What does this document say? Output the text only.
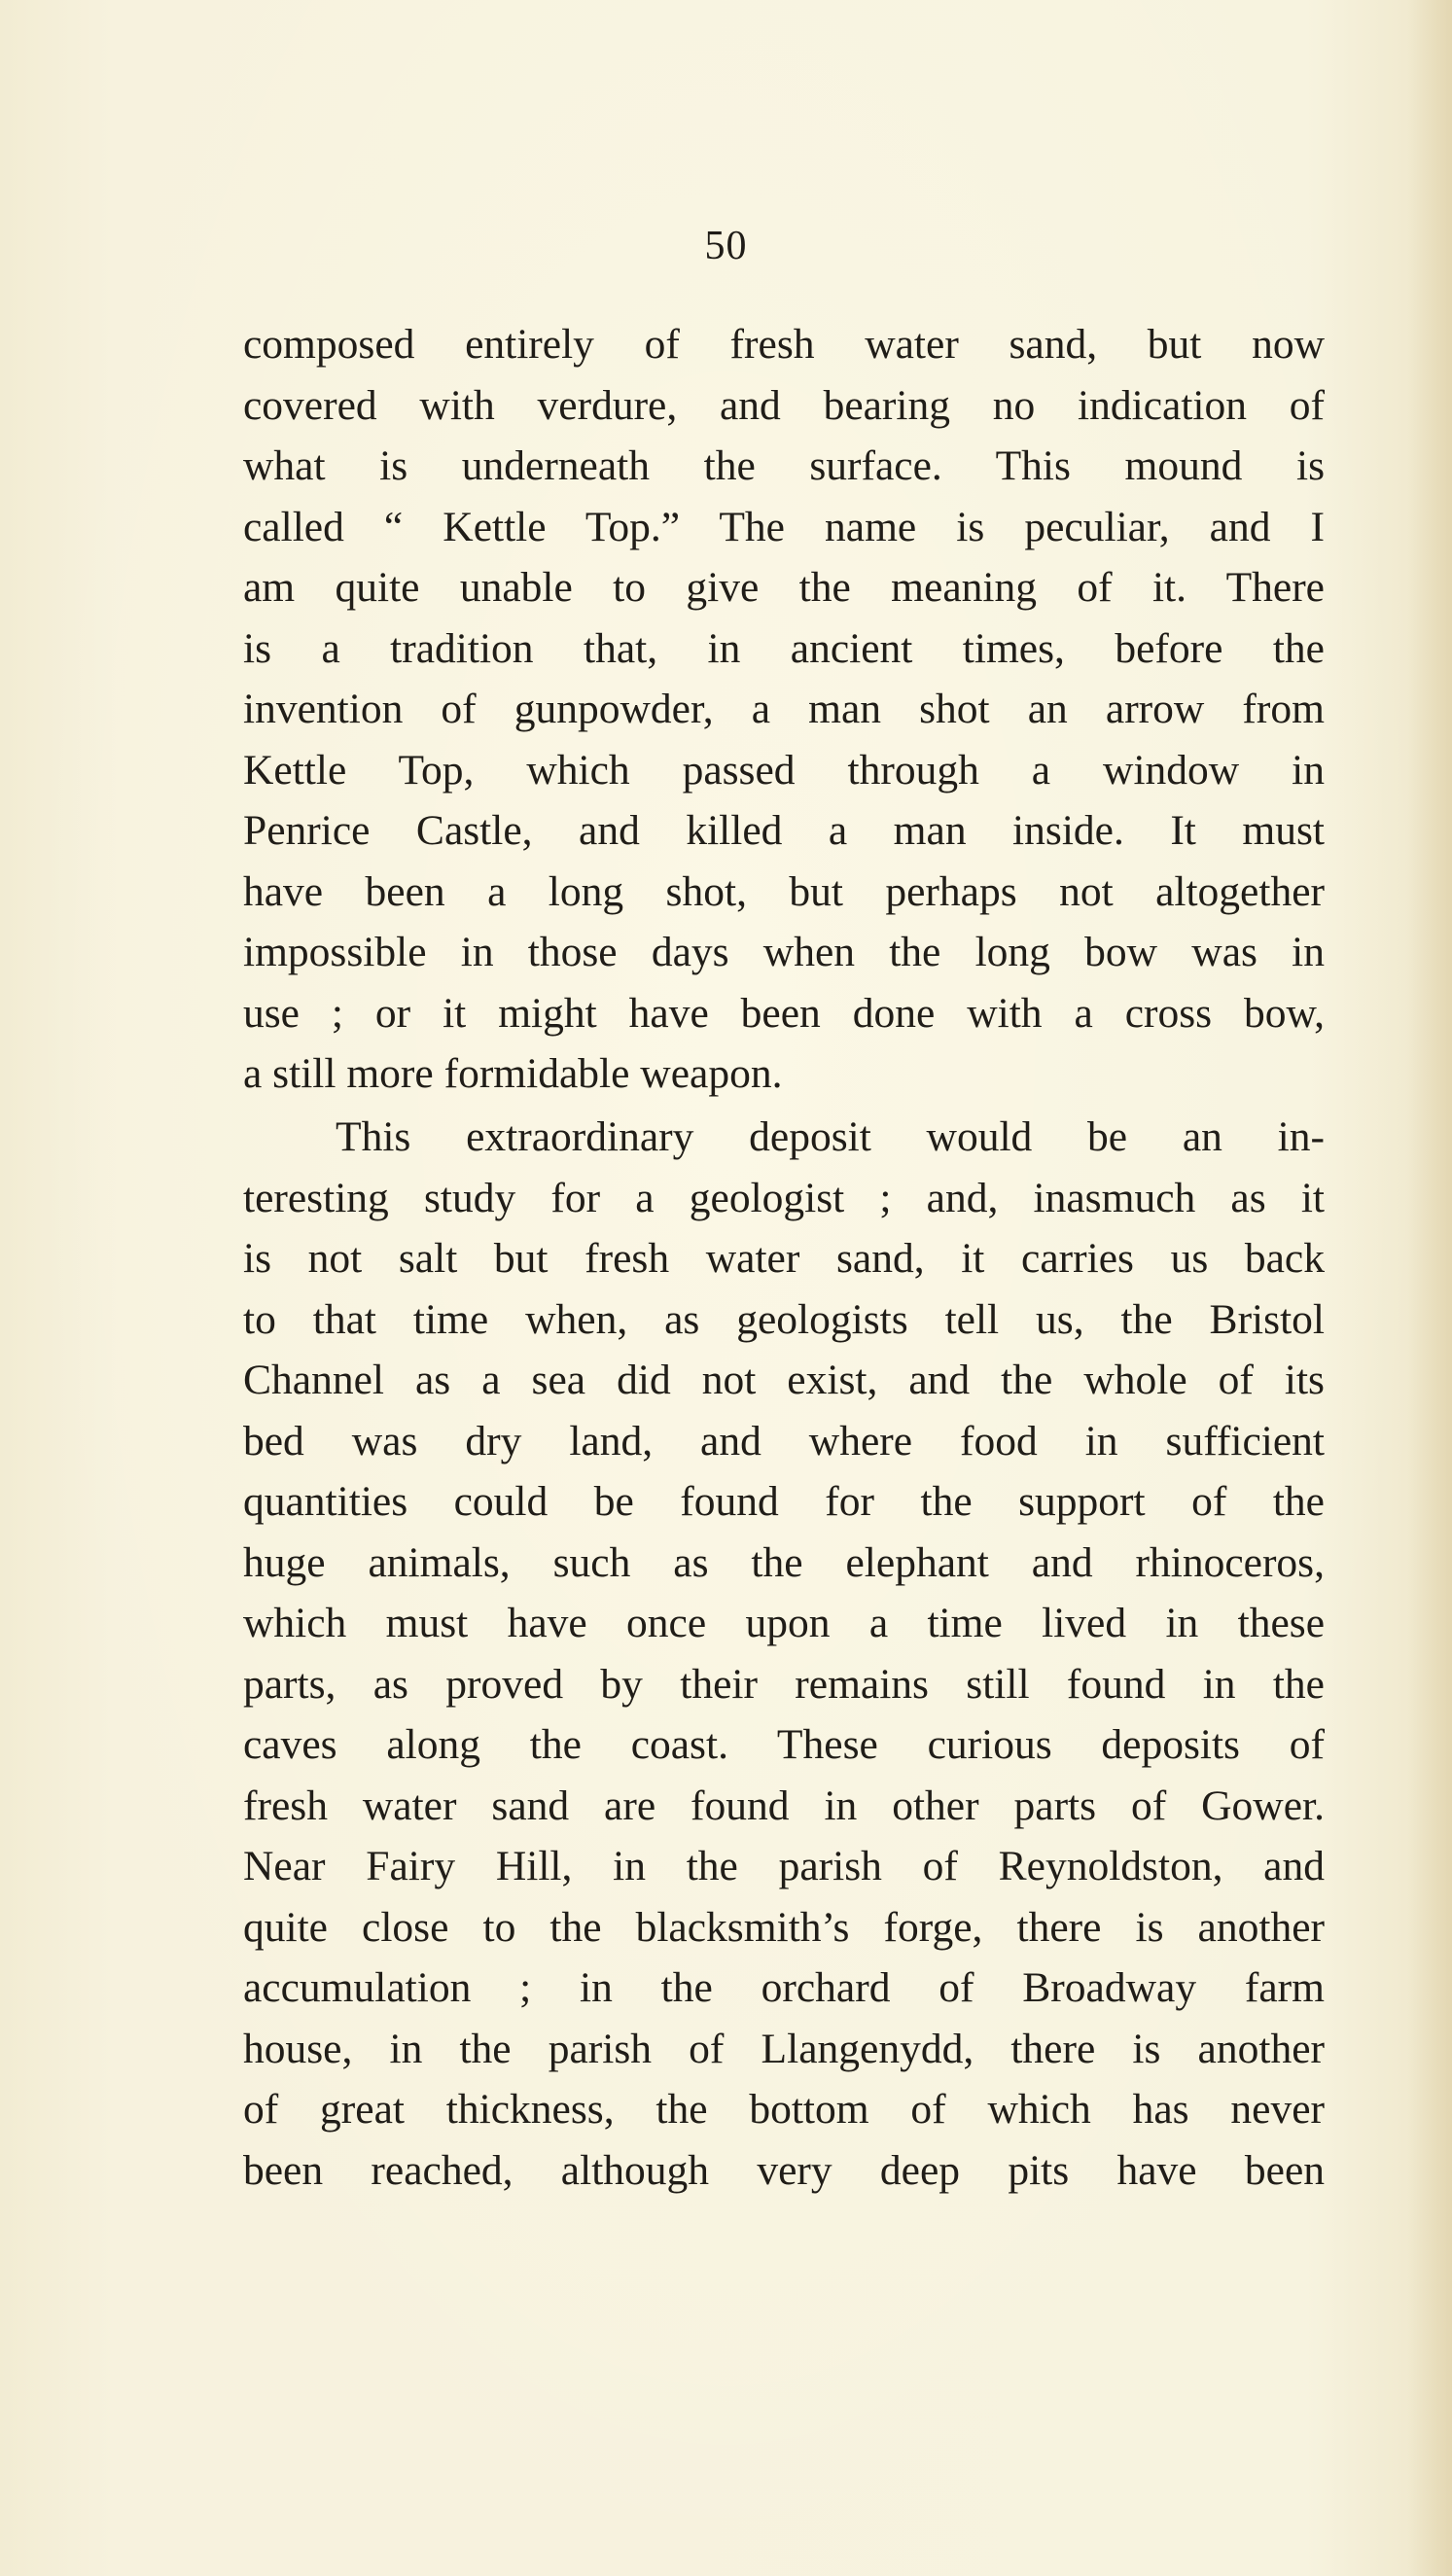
50
composed entirely of fresh water sand, but now
covered with verdure, and bearing no indication of
what is underneath the surface. This mound is
called “ Kettle Top.” The name is peculiar, and I
am quite unable to give the meaning of it. There
is a tradition that, in ancient times, before the
invention of gunpowder, a man shot an arrow from
Kettle Top, which passed through a window in
Penrice Castle, and killed a man inside. It must
have been a long shot, but perhaps not altogether
impossible in those days when the long bow was in
use ; or it might have been done with a cross bow,
a still more formidable weapon.
This extraordinary deposit would be an in-
teresting study for a geologist ; and, inasmuch as it
is not salt but fresh water sand, it carries us back
to that time when, as geologists tell us, the Bristol
Channel as a sea did not exist, and the whole of its
bed was dry land, and where food in sufficient
quantities could be found for the support of the
huge animals, such as the elephant and rhinoceros,
which must have once upon a time lived in these
parts, as proved by their remains still found in the
caves along the coast. These curious deposits of
fresh water sand are found in other parts of Gower.
Near Fairy Hill, in the parish of Reynoldston, and
quite close to the blacksmith’s forge, there is another
accumulation ; in the orchard of Broadway farm
house, in the parish of Llangenydd, there is another
of great thickness, the bottom of which has never
been reached, although very deep pits have been
